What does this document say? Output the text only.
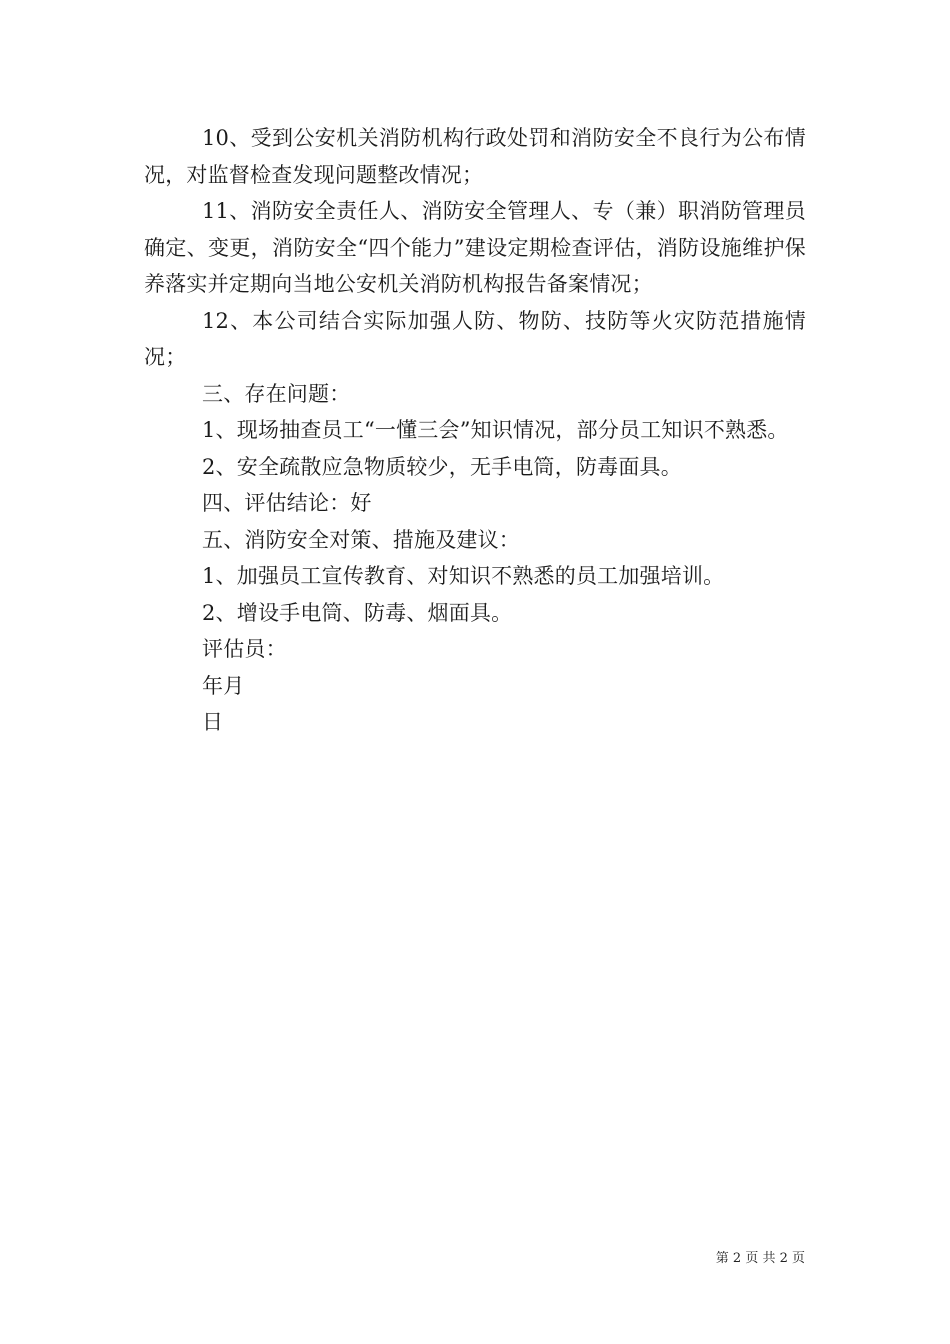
10、受到公安机关消防机构行政处罚和消防安全不良行为公布情况，对监督检查发现问题整改情况；

11、消防安全责任人、消防安全管理人、专（兼）职消防管理员确定、变更，消防安全“四个能力”建设定期检查评估，消防设施维护保养落实并定期向当地公安机关消防机构报告备案情况；

12、本公司结合实际加强人防、物防、技防等火灾防范措施情况；

三、存在问题：

1、现场抽查员工“一懂三会”知识情况，部分员工知识不熟悉。

2、安全疏散应急物质较少，无手电筒，防毒面具。

四、评估结论：好

五、消防安全对策、措施及建议：

1、加强员工宣传教育、对知识不熟悉的员工加强培训。

2、增设手电筒、防毒、烟面具。

评估员：

年月

日

第 2 页 共 2 页
